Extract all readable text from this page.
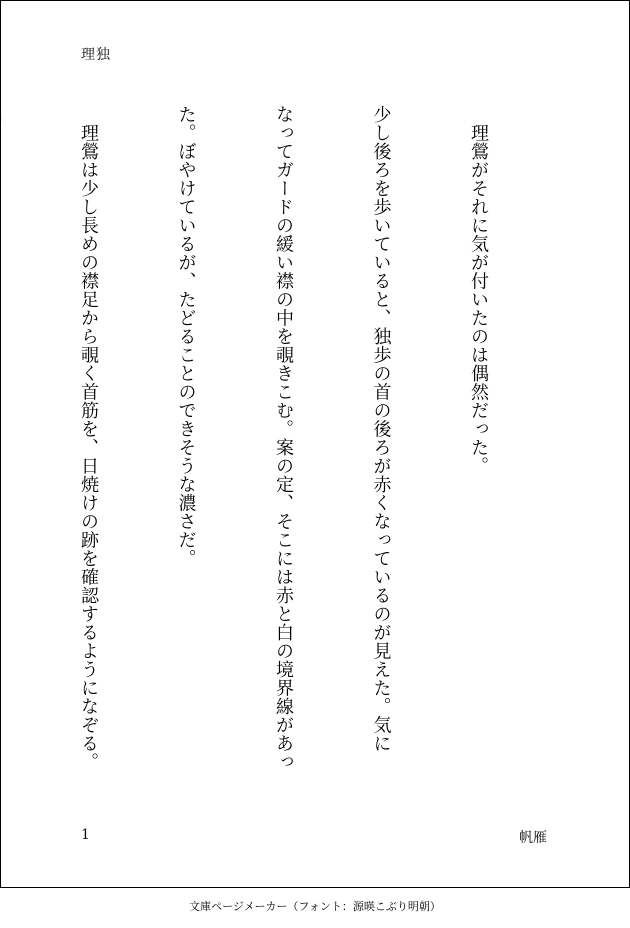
理独

　理鶯がそれに気が付いたのは偶然だった。

少し後ろを歩いていると、独歩の首の後ろが赤くなっているのが見えた。気に

なってガードの緩い襟の中を覗きこむ。案の定、そこには赤と白の境界線があっ

た。ぼやけているが、たどることのできそうな濃さだ。

　理鶯は少し長めの襟足から覗く首筋を、日焼けの跡を確認するようになぞる。

1	帆雁
文庫ページメーカー（フォント：源暎こぶり明朝）
